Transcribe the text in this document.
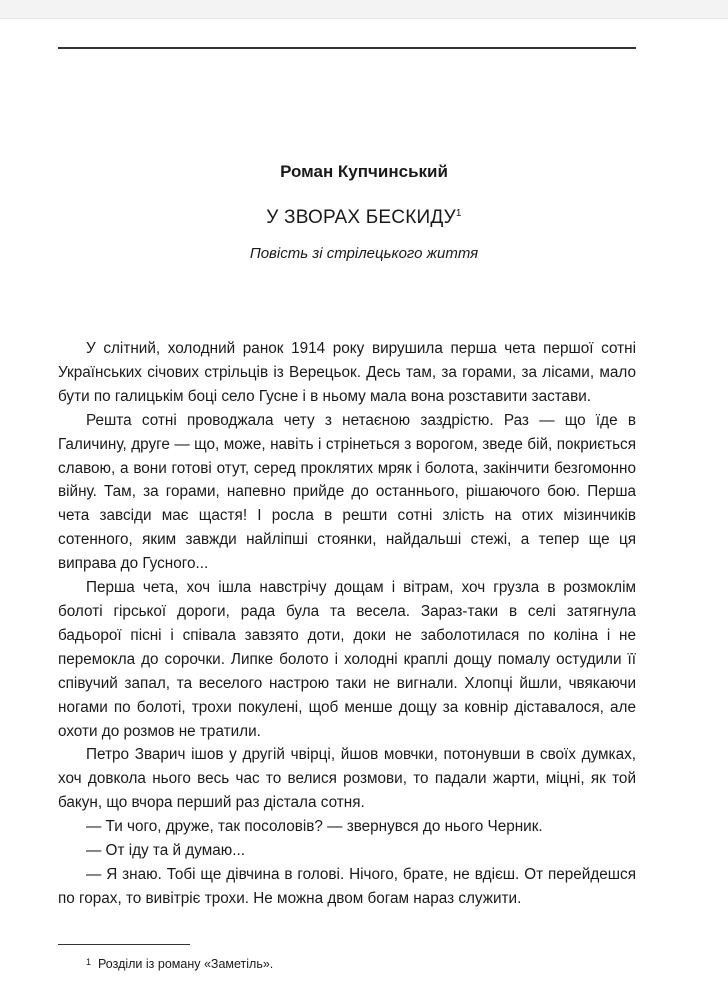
Роман Купчинський
У ЗВОРАХ БЕСКИДУ$^1$
Повість зі стрілецького життя

У слітний, холодний ранок 1914 року вирушила перша чета першої сотні Українських січових стрільців із Верецьок. Десь там, за горами, за лісами, мало бути по галицькім боці село Гусне і в ньому мала вона розставити застави.

Решта сотні проводжала чету з нетаєною заздрістю. Раз — що їде в Галичину, друге — що, може, навіть і стрінеться з ворогом, зведе бій, покриється славою, а вони готові отут, серед проклятих мряк і болота, закінчити безгомонно війну. Там, за горами, напевно прийде до останнього, рішаючого бою. Перша чета завсіди має щастя! І росла в решти сотні злість на отих мізинчиків сотенного, яким завжди найліпші стоянки, найдальші стежі, а тепер ще ця виправа до Гусного...

Перша чета, хоч ішла навстрічу дощам і вітрам, хоч грузла в розмоклім болоті гірської дороги, рада була та весела. Зараз-таки в селі затягнула бадьорої пісні і співала завзято доти, доки не заболотилася по коліна і не перемокла до сорочки. Липке болото і холодні краплі дощу помалу остудили її співучий запал, та веселого настрою таки не вигнали. Хлопці йшли, чвякаючи ногами по болоті, трохи покулені, щоб менше дощу за ковнір діставалося, але охоти до розмов не тратили.

Петро Зварич ішов у другій чвірці, йшов мовчки, потонувши в своїх думках, хоч довкола нього весь час то велися розмови, то падали жарти, міцні, як той бакун, що вчора перший раз дістала сотня.

— Ти чого, друже, так посоловів? — звернувся до нього Черник.

— От іду та й думаю...

— Я знаю. Тобі ще дівчина в голові. Нічого, брате, не вдієш. От перейдешся по горах, то вивітріє трохи. Не можна двом богам нараз служити.

$^1$ Розділи із роману «Заметіль».
